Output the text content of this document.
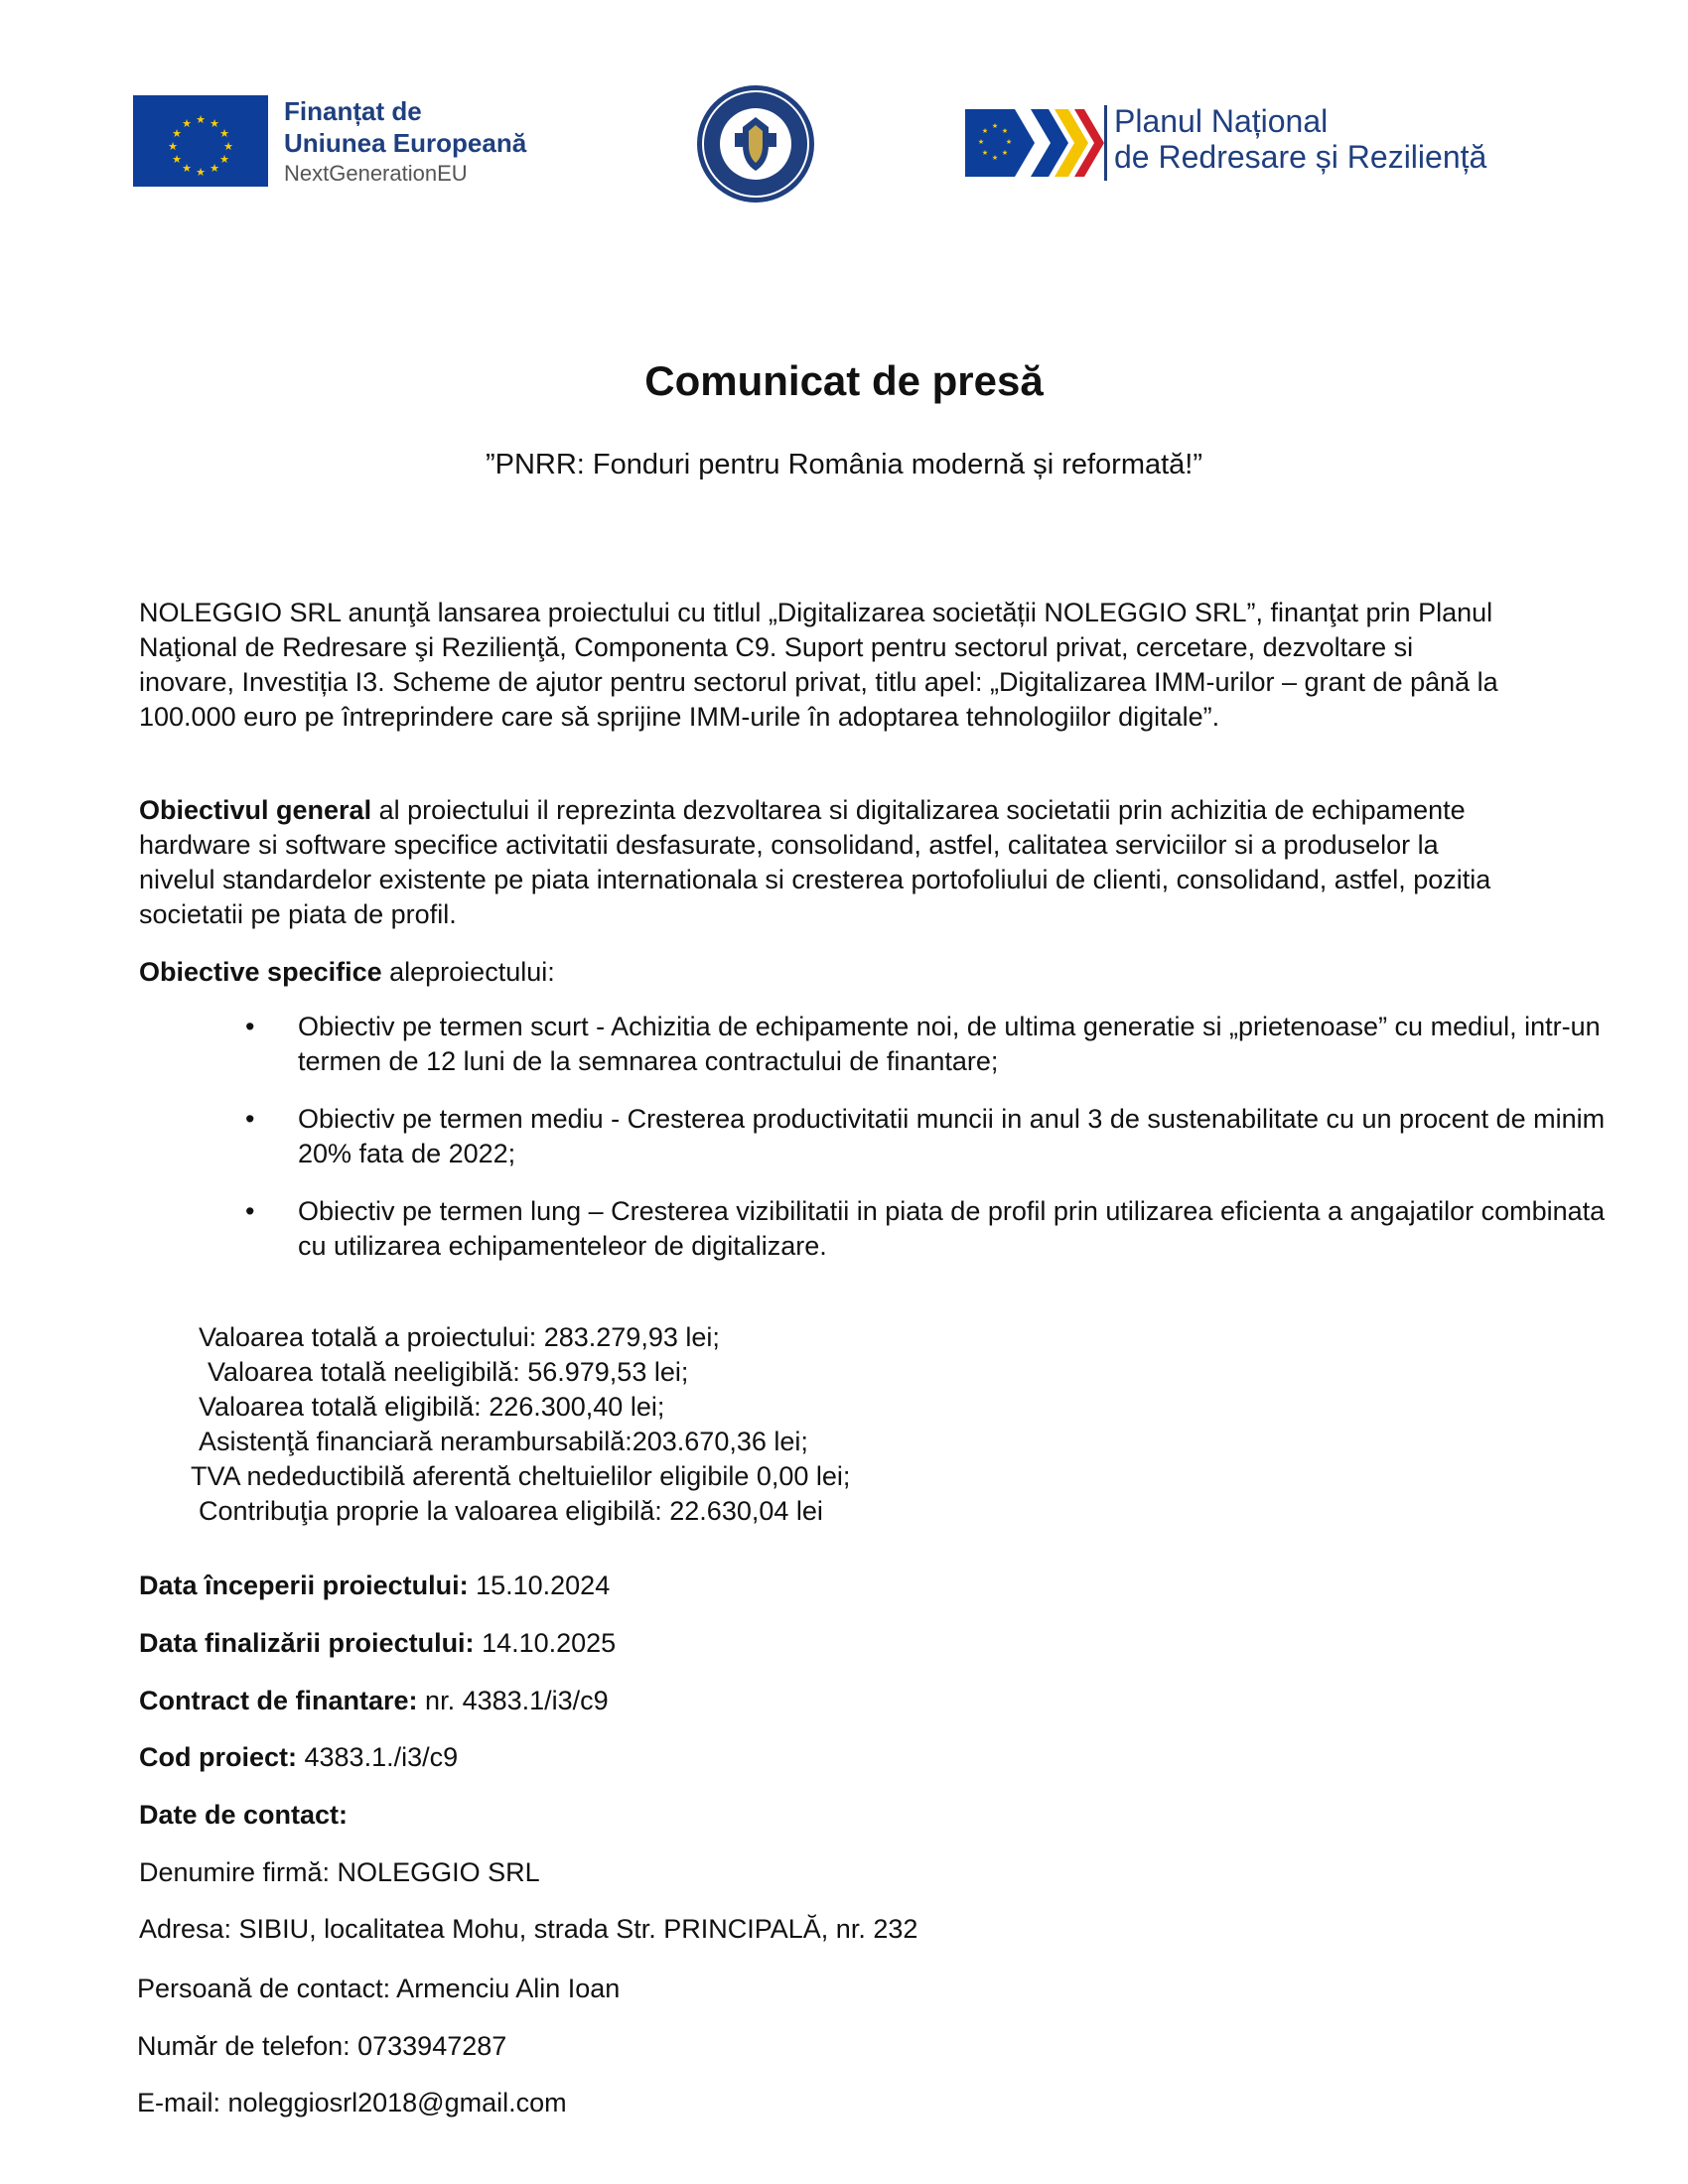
★ ★
★
★
★
★
★
★
★
★
★
★	Finanțat de
Uniunea Europeană
NextGenerationEU
★
★
★
★
★
★
★
★	Planul Național
de Redresare și Reziliență
Comunicat de presă
”PNRR: Fonduri pentru România modernă și reformată!”

NOLEGGIO SRL anunţă lansarea proiectului cu titlul „Digitalizarea societății NOLEGGIO SRL”, finanţat prin Planul Naţional de Redresare şi Rezilienţă, Componenta C9. Suport pentru sectorul privat, cercetare, dezvoltare si inovare, Investiția I3. Scheme de ajutor pentru sectorul privat, titlu apel: „Digitalizarea IMM-urilor – grant de până la 100.000 euro pe întreprindere care să sprijine IMM-urile în adoptarea tehnologiilor digitale”.

Obiectivul general al proiectului il reprezinta dezvoltarea si digitalizarea societatii prin achizitia de echipamente hardware si software specifice activitatii desfasurate, consolidand, astfel, calitatea serviciilor si a produselor la nivelul standardelor existente pe piata internationala si cresterea portofoliului de clienti, consolidand, astfel, pozitia societatii pe piata de profil.

Obiective specifice aleproiectului:

• Obiectiv pe termen scurt - Achizitia de echipamente noi, de ultima generatie si „prietenoase” cu mediul, intr-un termen de 12 luni de la semnarea contractului de finantare;
• Obiectiv pe termen mediu - Cresterea productivitatii muncii in anul 3 de sustenabilitate cu un procent de minim 20% fata de 2022;
• Obiectiv pe termen lung – Cresterea vizibilitatii in piata de profil prin utilizarea eficienta a angajatilor combinata cu utilizarea echipamenteleor de digitalizare.
Valoarea totală a proiectului: 283.279,93 lei;
Valoarea totală neeligibilă: 56.979,53 lei;
Valoarea totală eligibilă: 226.300,40 lei;
Asistenţă financiară nerambursabilă:203.670,36 lei;
TVA nedeductibilă aferentă cheltuielilor eligibile 0,00 lei;
Contribuţia proprie la valoarea eligibilă: 22.630,04 lei
Data începerii proiectului: 15.10.2024
Data finalizării proiectului: 14.10.2025
Contract de finantare: nr. 4383.1/i3/c9
Cod proiect: 4383.1./i3/c9
Date de contact:
Denumire firmă: NOLEGGIO SRL
Adresa: SIBIU, localitatea Mohu, strada Str. PRINCIPALĂ, nr. 232
Persoană de contact: Armenciu Alin Ioan
Număr de telefon: 0733947287
E-mail: noleggiosrl2018@gmail.com
